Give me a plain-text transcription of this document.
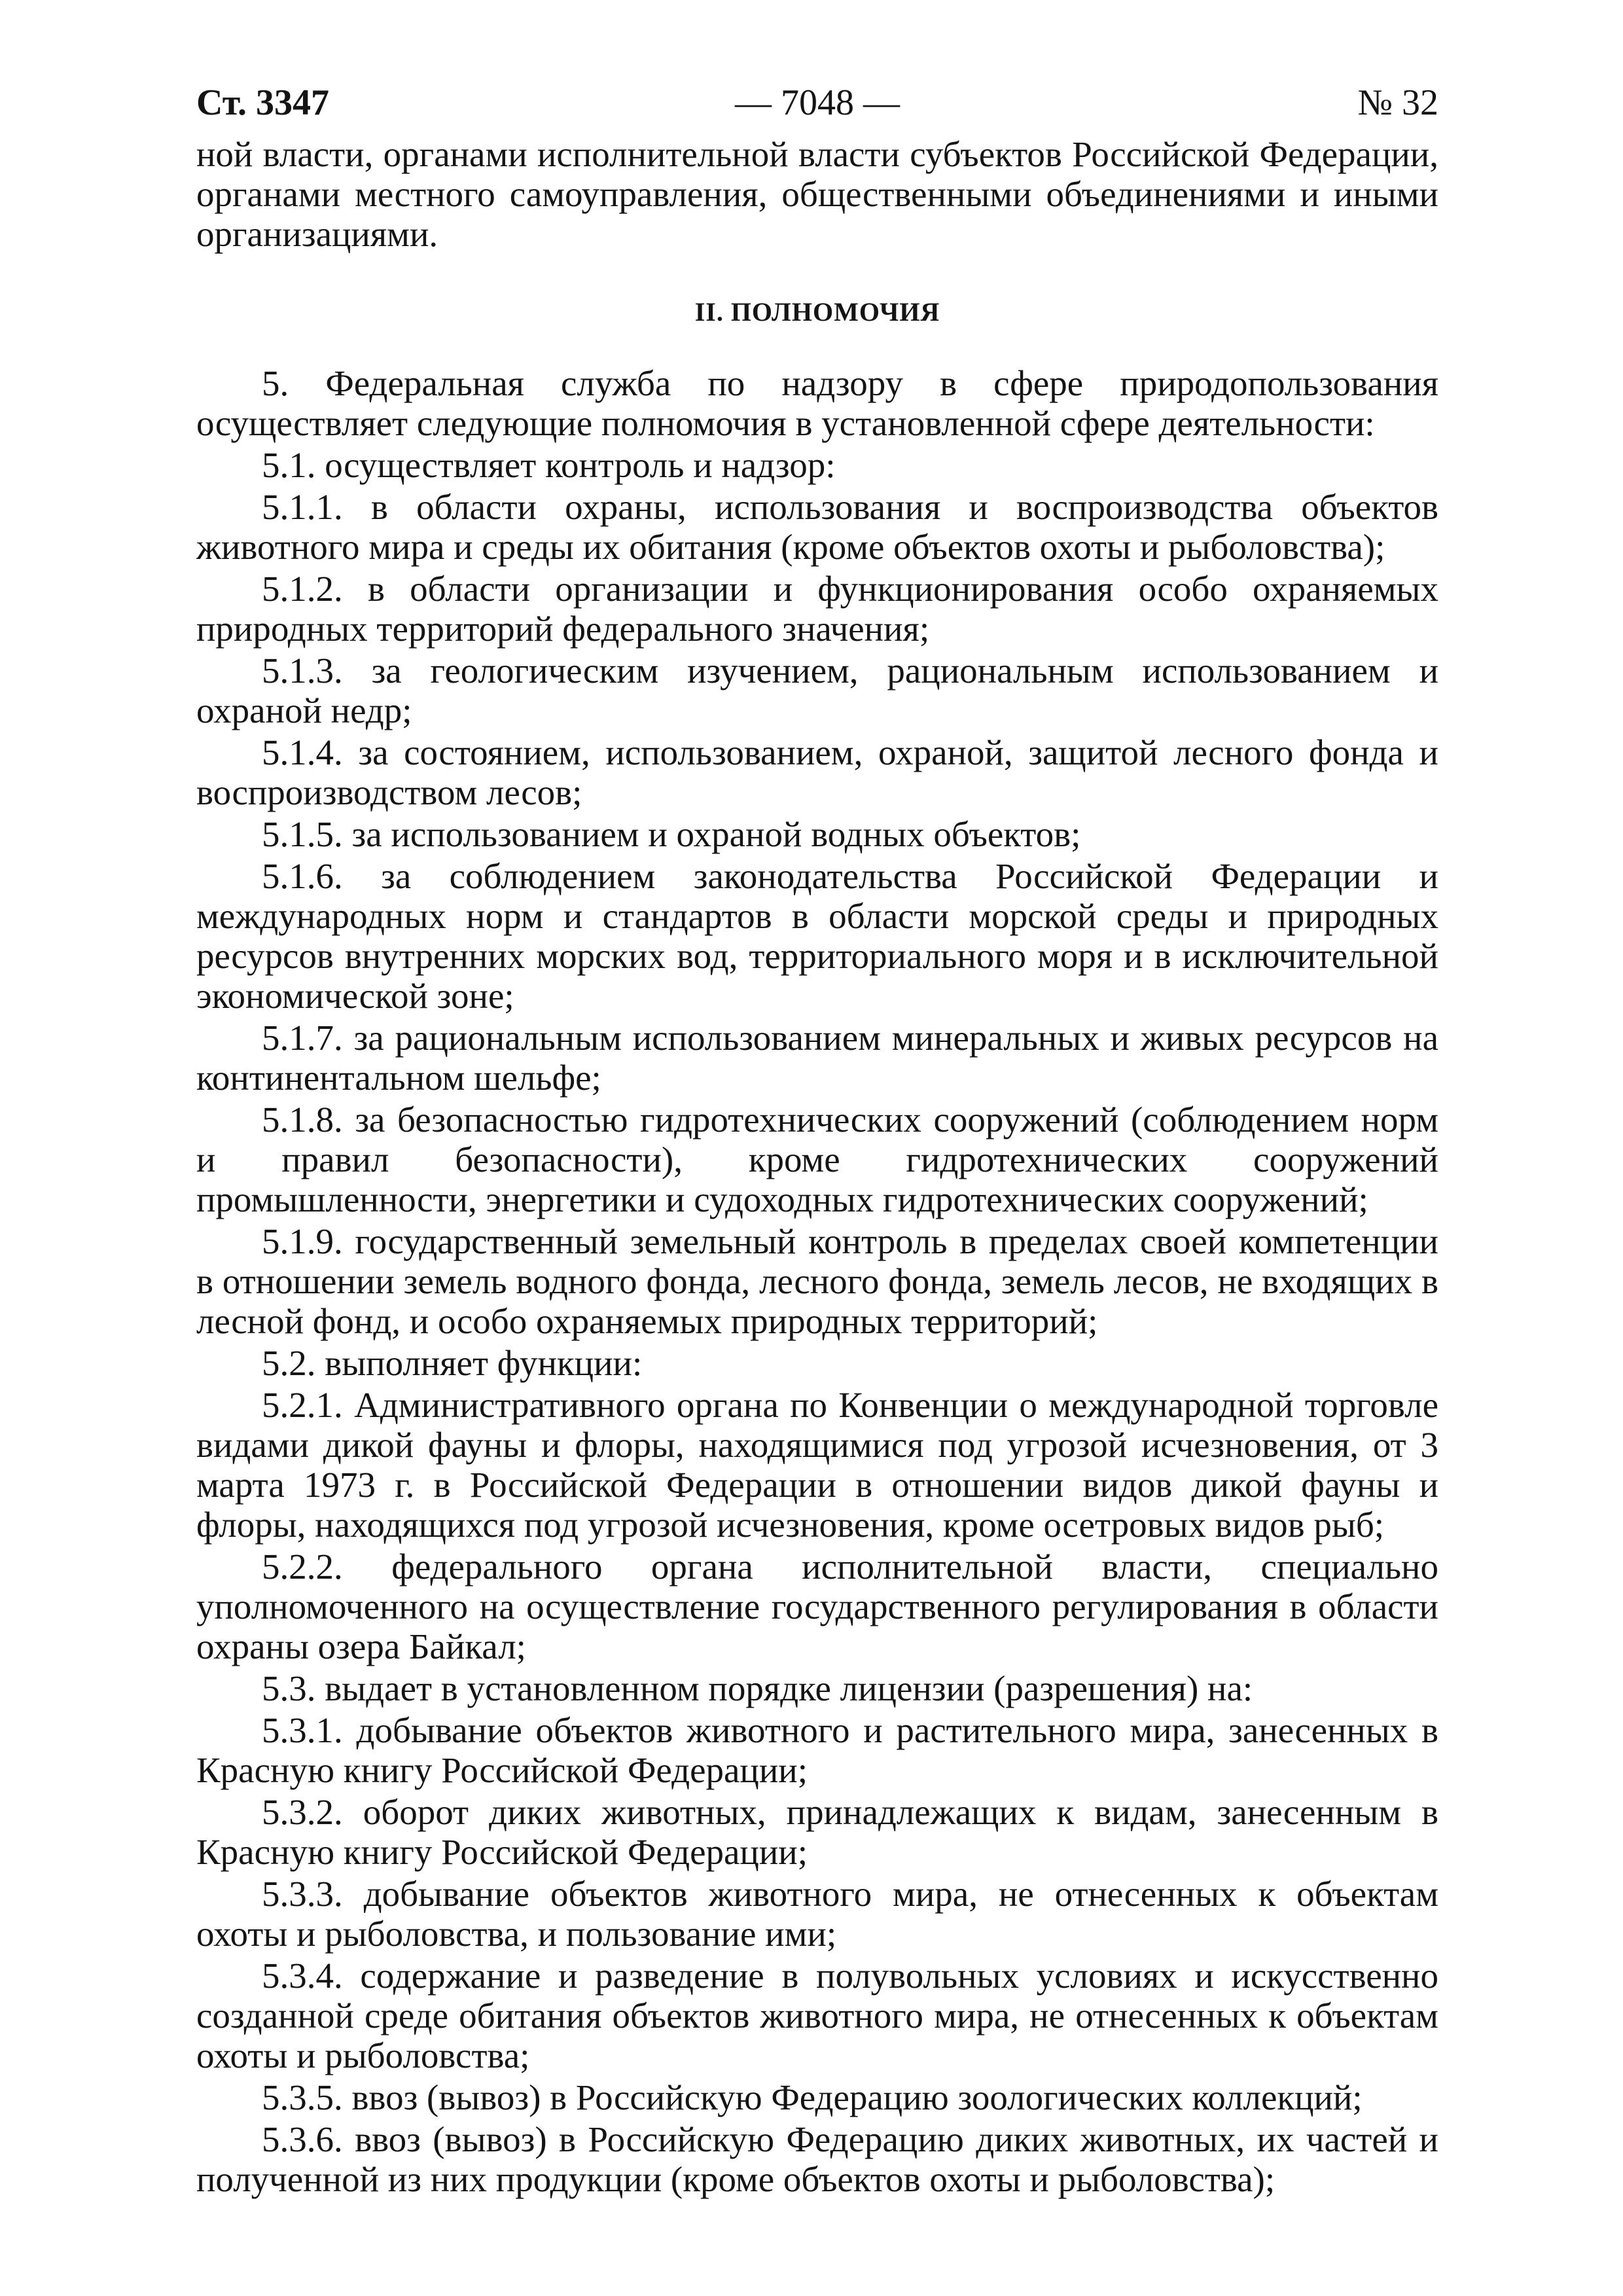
Ст. 3347	— 7048 —	№ 32

ной власти, органами исполнительной власти субъектов Российской Федерации, органами местного самоуправления, общественными объединениями и иными организациями.

II. ПОЛНОМОЧИЯ

5. Федеральная служба по надзору в сфере природопользования осуществляет следующие полномочия в установленной сфере деятельности:

5.1. осуществляет контроль и надзор:

5.1.1. в области охраны, использования и воспроизводства объектов животного мира и среды их обитания (кроме объектов охоты и рыболовства);

5.1.2. в области организации и функционирования особо охраняемых природных территорий федерального значения;

5.1.3. за геологическим изучением, рациональным использованием и охраной недр;

5.1.4. за состоянием, использованием, охраной, защитой лесного фонда и воспроизводством лесов;

5.1.5. за использованием и охраной водных объектов;

5.1.6. за соблюдением законодательства Российской Федерации и международных норм и стандартов в области морской среды и природных ресурсов внутренних морских вод, территориального моря и в исключительной экономической зоне;

5.1.7. за рациональным использованием минеральных и живых ресурсов на континентальном шельфе;

5.1.8. за безопасностью гидротехнических сооружений (соблюдением норм и правил безопасности), кроме гидротехнических сооружений промышленности, энергетики и судоходных гидротехнических сооружений;

5.1.9. государственный земельный контроль в пределах своей компетенции в отношении земель водного фонда, лесного фонда, земель лесов, не входящих в лесной фонд, и особо охраняемых природных территорий;

5.2. выполняет функции:

5.2.1. Административного органа по Конвенции о международной торговле видами дикой фауны и флоры, находящимися под угрозой исчезновения, от 3 марта 1973 г. в Российской Федерации в отношении видов дикой фауны и флоры, находящихся под угрозой исчезновения, кроме осетровых видов рыб;

5.2.2. федерального органа исполнительной власти, специально уполномоченного на осуществление государственного регулирования в области охраны озера Байкал;

5.3. выдает в установленном порядке лицензии (разрешения) на:

5.3.1. добывание объектов животного и растительного мира, занесенных в Красную книгу Российской Федерации;

5.3.2. оборот диких животных, принадлежащих к видам, занесенным в Красную книгу Российской Федерации;

5.3.3. добывание объектов животного мира, не отнесенных к объектам охоты и рыболовства, и пользование ими;

5.3.4. содержание и разведение в полувольных условиях и искусственно созданной среде обитания объектов животного мира, не отнесенных к объектам охоты и рыболовства;

5.3.5. ввоз (вывоз) в Российскую Федерацию зоологических коллекций;

5.3.6. ввоз (вывоз) в Российскую Федерацию диких животных, их частей и полученной из них продукции (кроме объектов охоты и рыболовства);
